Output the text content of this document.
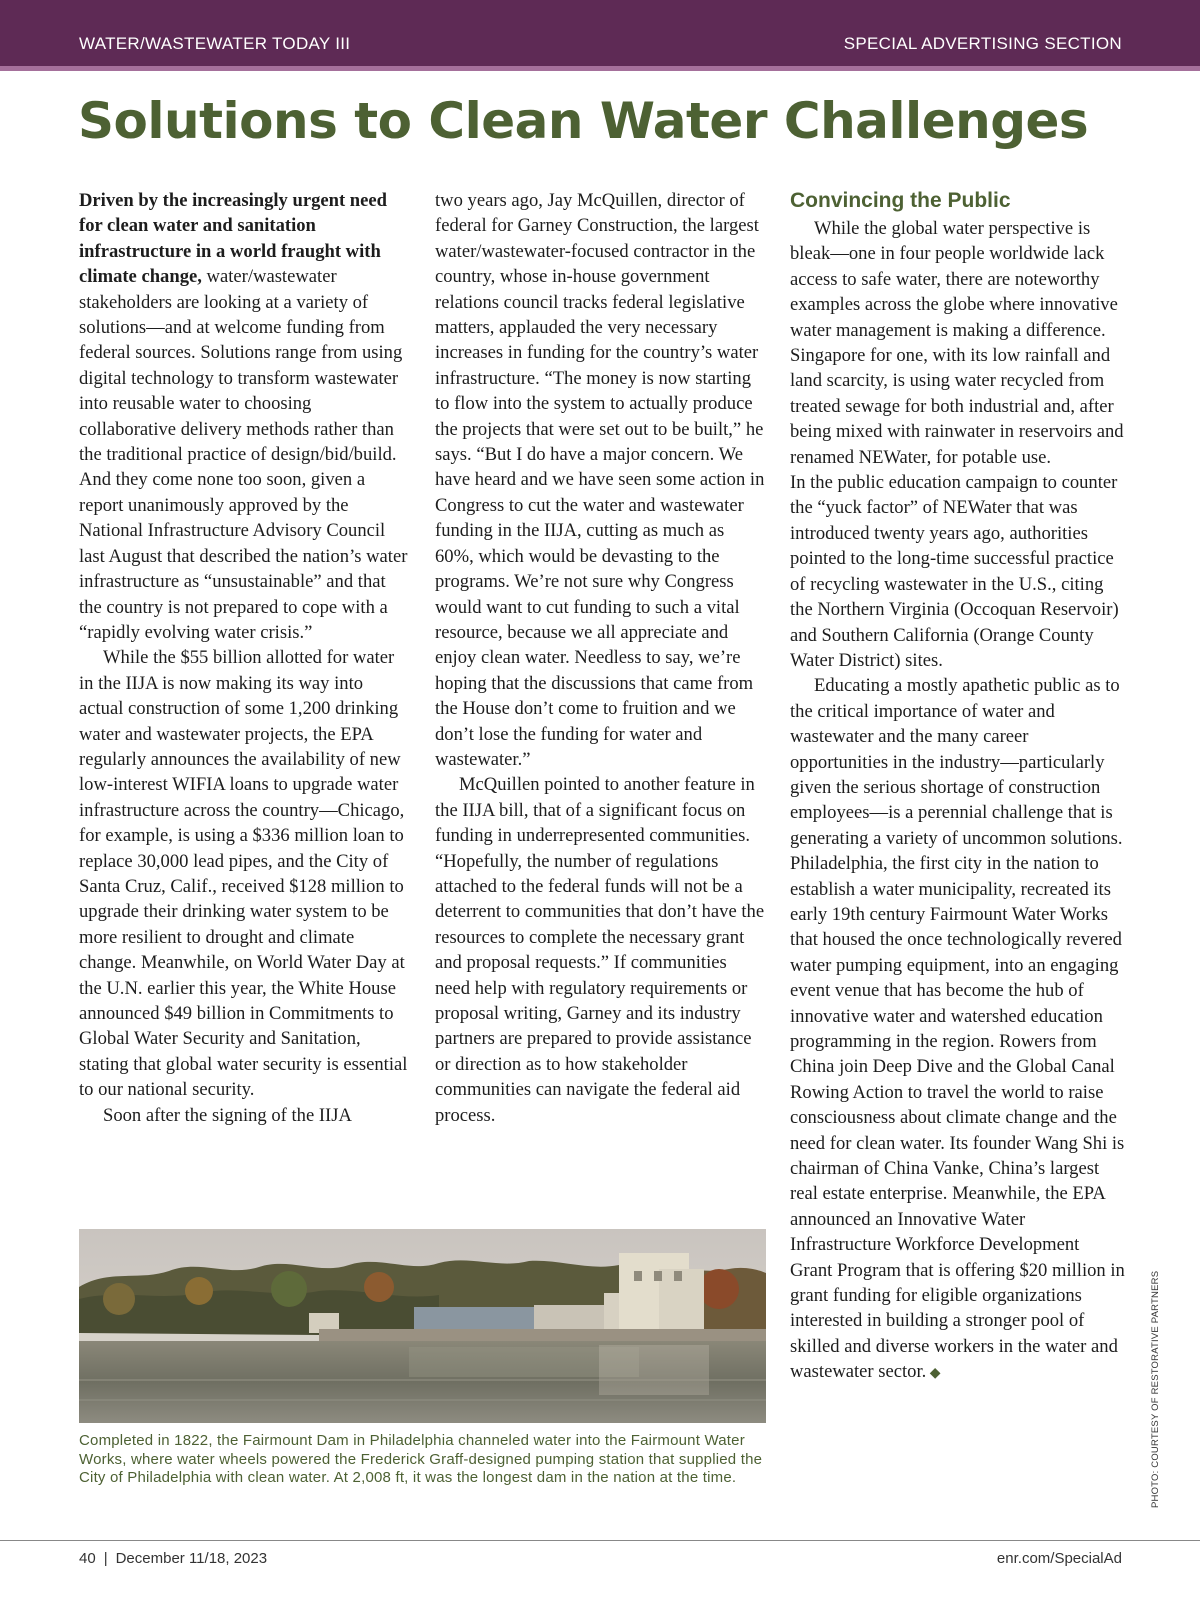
WATER/WASTEWATER TODAY III	SPECIAL ADVERTISING SECTION
Solutions to Clean Water Challenges

Driven by the increasingly urgent need for clean water and sanitation infrastructure in a world fraught with climate change, water/wastewater stakeholders are looking at a variety of solutions—and at welcome funding from federal sources. Solutions range from using digital technology to transform wastewater into reusable water to choosing collaborative delivery methods rather than the traditional practice of design/bid/build. And they come none too soon, given a report unanimously approved by the National Infrastructure Advisory Council last August that described the nation’s water infrastructure as “unsustainable” and that the country is not prepared to cope with a “rapidly evolving water crisis.”

While the $55 billion allotted for water in the IIJA is now making its way into actual construction of some 1,200 drinking water and wastewater projects, the EPA regularly announces the availability of new low-interest WIFIA loans to upgrade water infrastructure across the country—Chicago, for example, is using a $336 million loan to replace 30,000 lead pipes, and the City of Santa Cruz, Calif., received $128 million to upgrade their drinking water system to be more resilient to drought and climate change. Meanwhile, on World Water Day at the U.N. earlier this year, the White House announced $49 billion in Commitments to Global Water Security and Sanitation, stating that global water security is essential to our national security.

Soon after the signing of the IIJA

two years ago, Jay McQuillen, director of federal for Garney Construction, the largest water/wastewater-focused contractor in the country, whose in-house government relations council tracks federal legislative matters, applauded the very necessary increases in funding for the country’s water infrastructure. “The money is now starting to flow into the system to actually produce the projects that were set out to be built,” he says. “But I do have a major concern. We have heard and we have seen some action in Congress to cut the water and wastewater funding in the IIJA, cutting as much as 60%, which would be devasting to the programs. We’re not sure why Congress would want to cut funding to such a vital resource, because we all appreciate and enjoy clean water. Needless to say, we’re hoping that the discussions that came from the House don’t come to fruition and we don’t lose the funding for water and wastewater.”

McQuillen pointed to another feature in the IIJA bill, that of a significant focus on funding in underrepresented communities. “Hopefully, the number of regulations attached to the federal funds will not be a deterrent to communities that don’t have the resources to complete the necessary grant and proposal requests.” If communities need help with regulatory requirements or proposal writing, Garney and its industry partners are prepared to provide assistance or direction as to how stakeholder communities can navigate the federal aid process.

Convincing the Public

While the global water perspective is bleak—one in four people worldwide lack access to safe water, there are noteworthy examples across the globe where innovative water management is making a difference. Singapore for one, with its low rainfall and land scarcity, is using water recycled from treated sewage for both industrial and, after being mixed with rainwater in reservoirs and renamed NEWater, for potable use.

In the public education campaign to counter the “yuck factor” of NEWater that was introduced twenty years ago, authorities pointed to the long-time successful practice of recycling wastewater in the U.S., citing the Northern Virginia (Occoquan Reservoir) and Southern California (Orange County Water District) sites.

Educating a mostly apathetic public as to the critical importance of water and wastewater and the many career opportunities in the industry—particularly given the serious shortage of construction employees—is a perennial challenge that is generating a variety of uncommon solutions. Philadelphia, the first city in the nation to establish a water municipality, recreated its early 19th century Fairmount Water Works that housed the once technologically revered water pumping equipment, into an engaging event venue that has become the hub of innovative water and watershed education programming in the region. Rowers from China join Deep Dive and the Global Canal Rowing Action to travel the world to raise consciousness about climate change and the need for clean water. Its founder Wang Shi is chairman of China Vanke, China’s largest real estate enterprise. Meanwhile, the EPA announced an Innovative Water Infrastructure Workforce Development Grant Program that is offering $20 million in grant funding for eligible organizations interested in building a stronger pool of skilled and diverse workers in the water and wastewater sector. ◆

Completed in 1822, the Fairmount Dam in Philadelphia channeled water into the Fairmount Water Works, where water wheels powered the Frederick Graff-designed pumping station that supplied the City of Philadelphia with clean water. At 2,008 ft, it was the longest dam in the nation at the time.	PHOTO: COURTESY OF RESTORATIVE PARTNERS
40 | December 11/18, 2023	enr.com/SpecialAd
